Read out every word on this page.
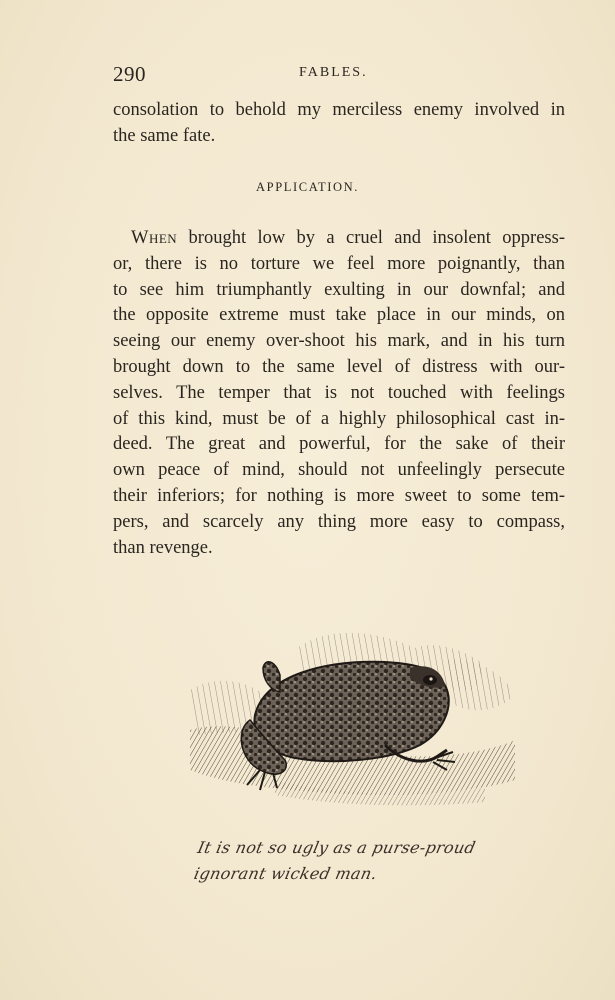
290	FABLES.
consolation to behold my merciless enemy involved in
the same fate.
APPLICATION.
When brought low by a cruel and insolent oppress-
or, there is no torture we feel more poignantly, than
to see him triumphantly exulting in our downfal; and
the opposite extreme must take place in our minds, on
seeing our enemy over-shoot his mark, and in his turn
brought down to the same level of distress with our-
selves. The temper that is not touched with feelings
of this kind, must be of a highly philosophical cast in-
deed. The great and powerful, for the sake of their
own peace of mind, should not unfeelingly persecute
their inferiors; for nothing is more sweet to some tem-
pers, and scarcely any thing more easy to compass,
than revenge.
It is not so ugly as a purse-proud
ignorant wicked man.
